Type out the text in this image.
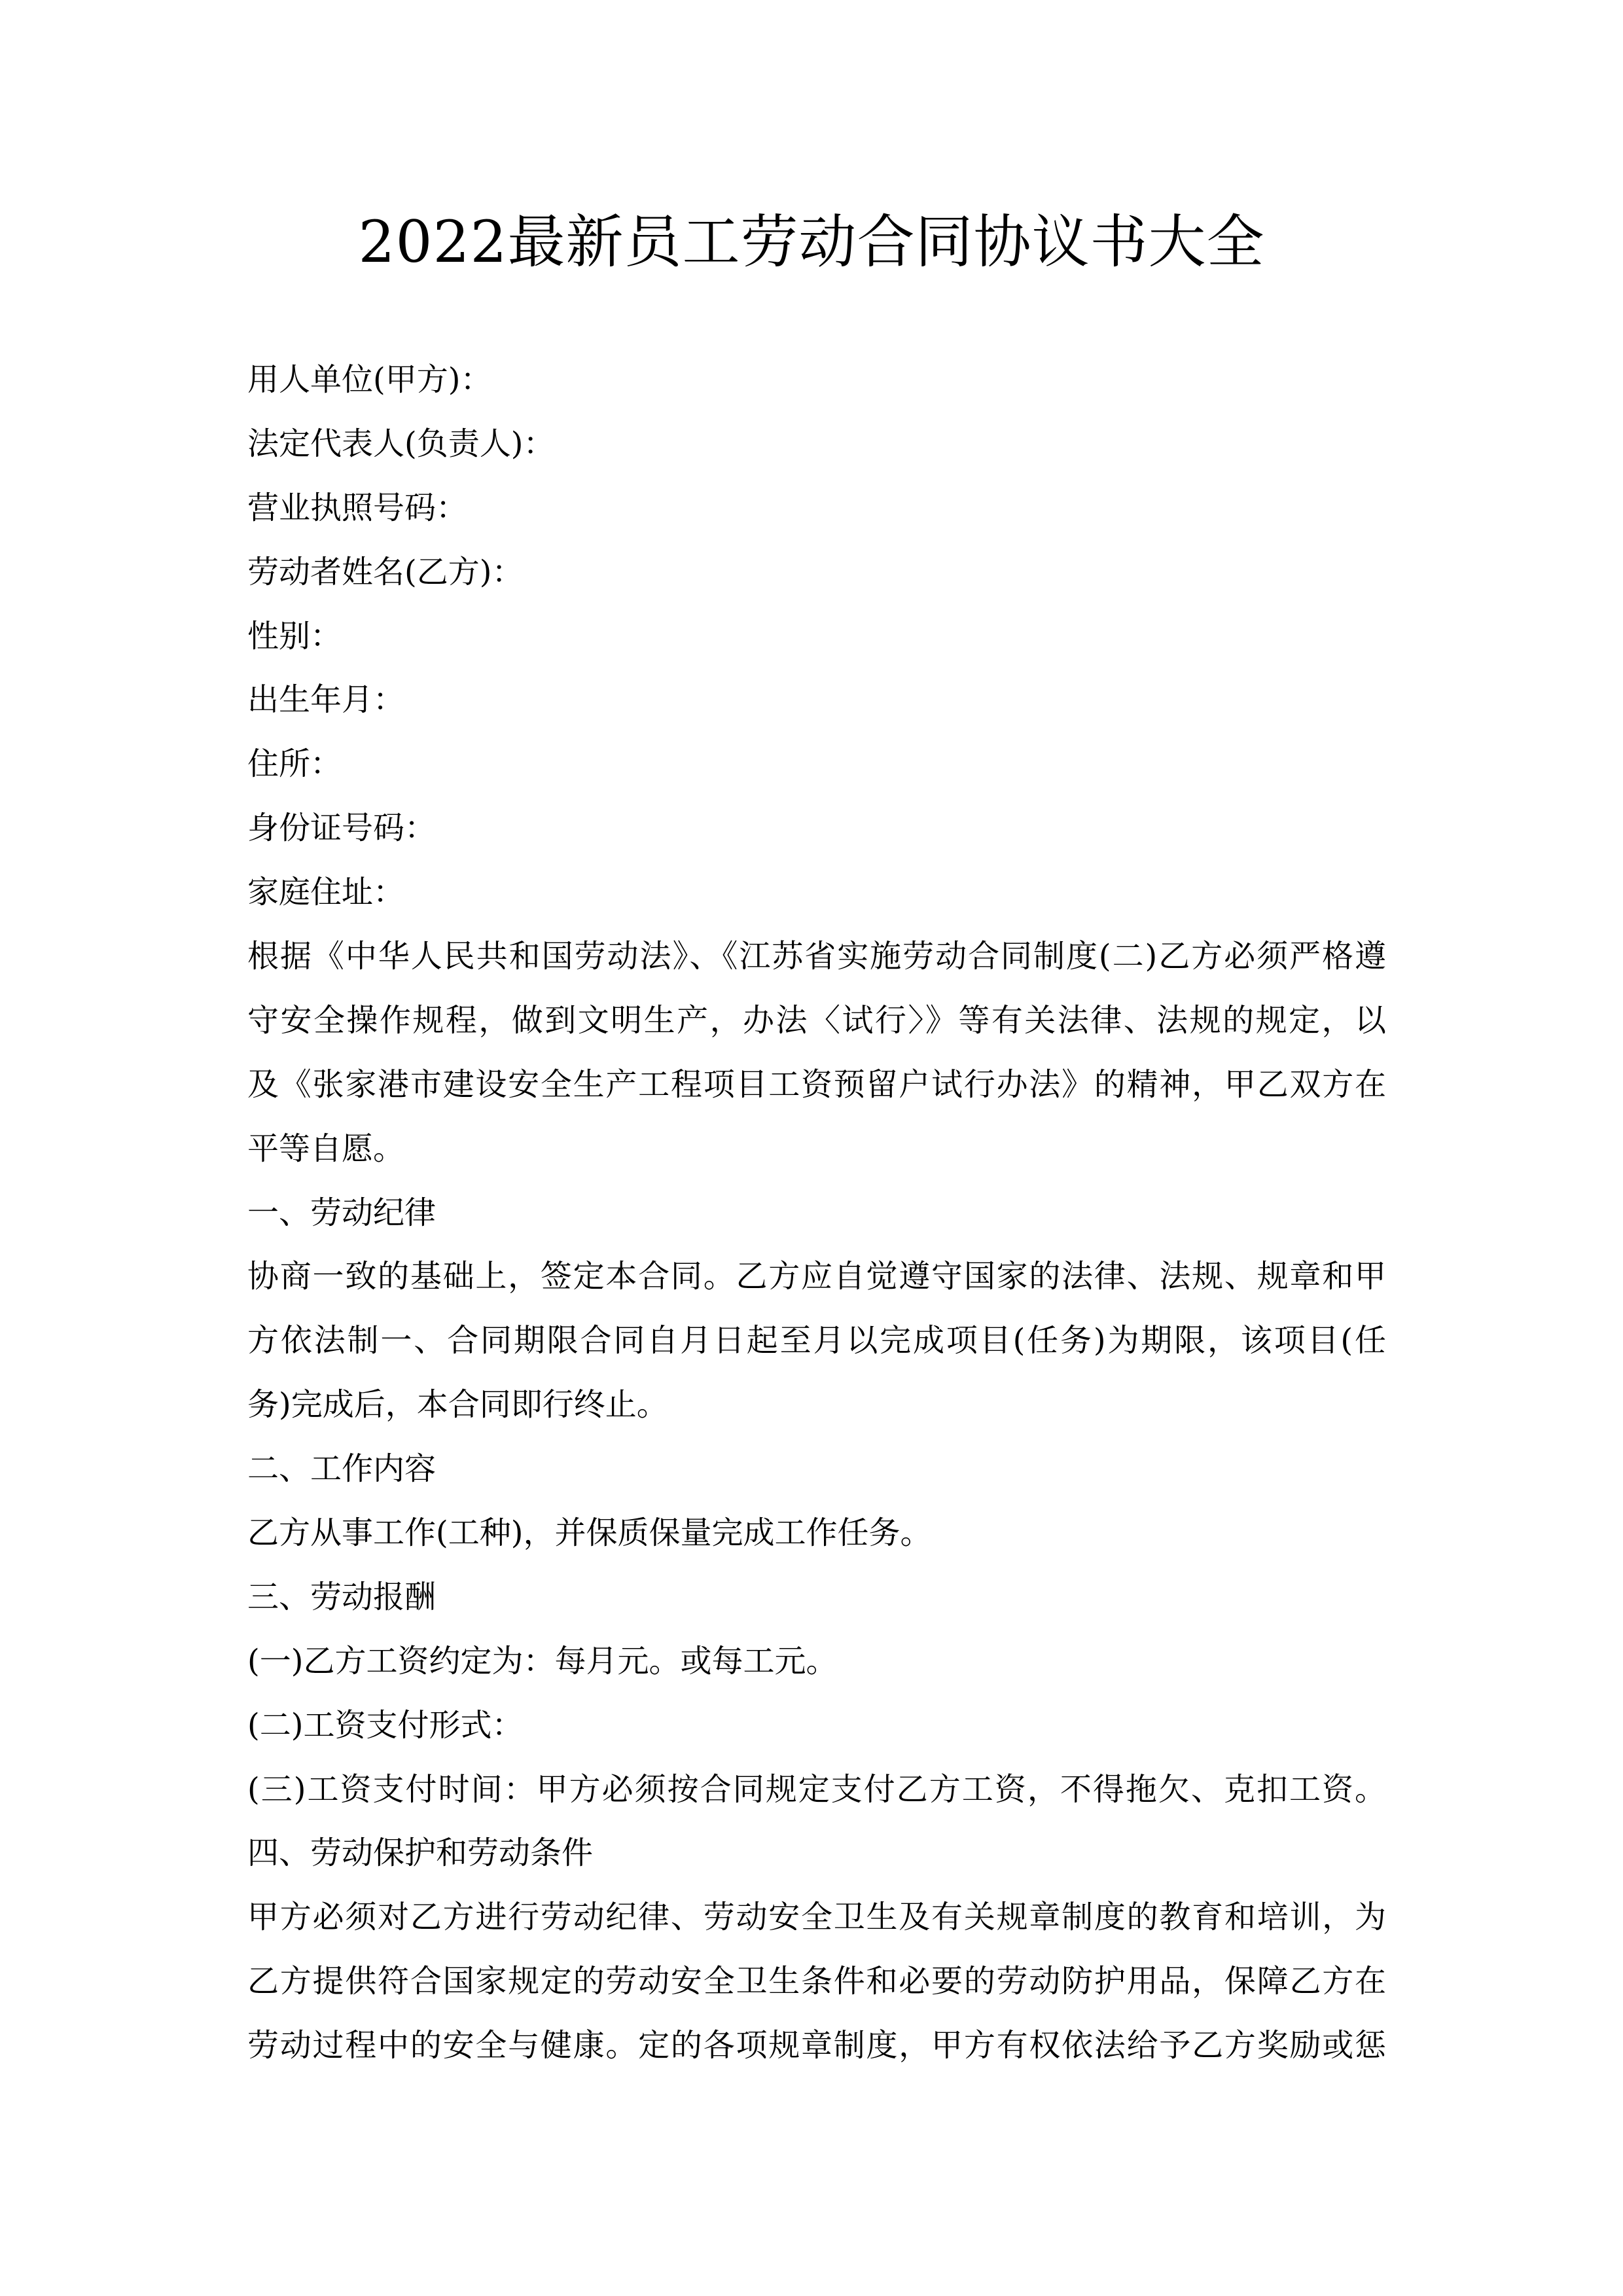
2022最新员工劳动合同协议书大全
用人单位(甲方)：
法定代表人(负责人)：
营业执照号码：
劳动者姓名(乙方)：
性别：
出生年月：
住所：
身份证号码：
家庭住址：
根据《中华人民共和国劳动法》、《江苏省实施劳动合同制度(二)乙方必须严格遵
守安全操作规程，做到文明生产，办法〈试行〉》等有关法律、法规的规定，以
及《张家港市建设安全生产工程项目工资预留户试行办法》的精神，甲乙双方在
平等自愿。
一、劳动纪律
协商一致的基础上，签定本合同。乙方应自觉遵守国家的法律、法规、规章和甲
方依法制一、合同期限合同自月日起至月以完成项目(任务)为期限，该项目(任
务)完成后，本合同即行终止。
二、工作内容
乙方从事工作(工种)，并保质保量完成工作任务。
三、劳动报酬
(一)乙方工资约定为：每月元。或每工元。
(二)工资支付形式：
(三)工资支付时间：甲方必须按合同规定支付乙方工资，不得拖欠、克扣工资。
四、劳动保护和劳动条件
甲方必须对乙方进行劳动纪律、劳动安全卫生及有关规章制度的教育和培训，为
乙方提供符合国家规定的劳动安全卫生条件和必要的劳动防护用品，保障乙方在
劳动过程中的安全与健康。定的各项规章制度，甲方有权依法给予乙方奖励或惩
